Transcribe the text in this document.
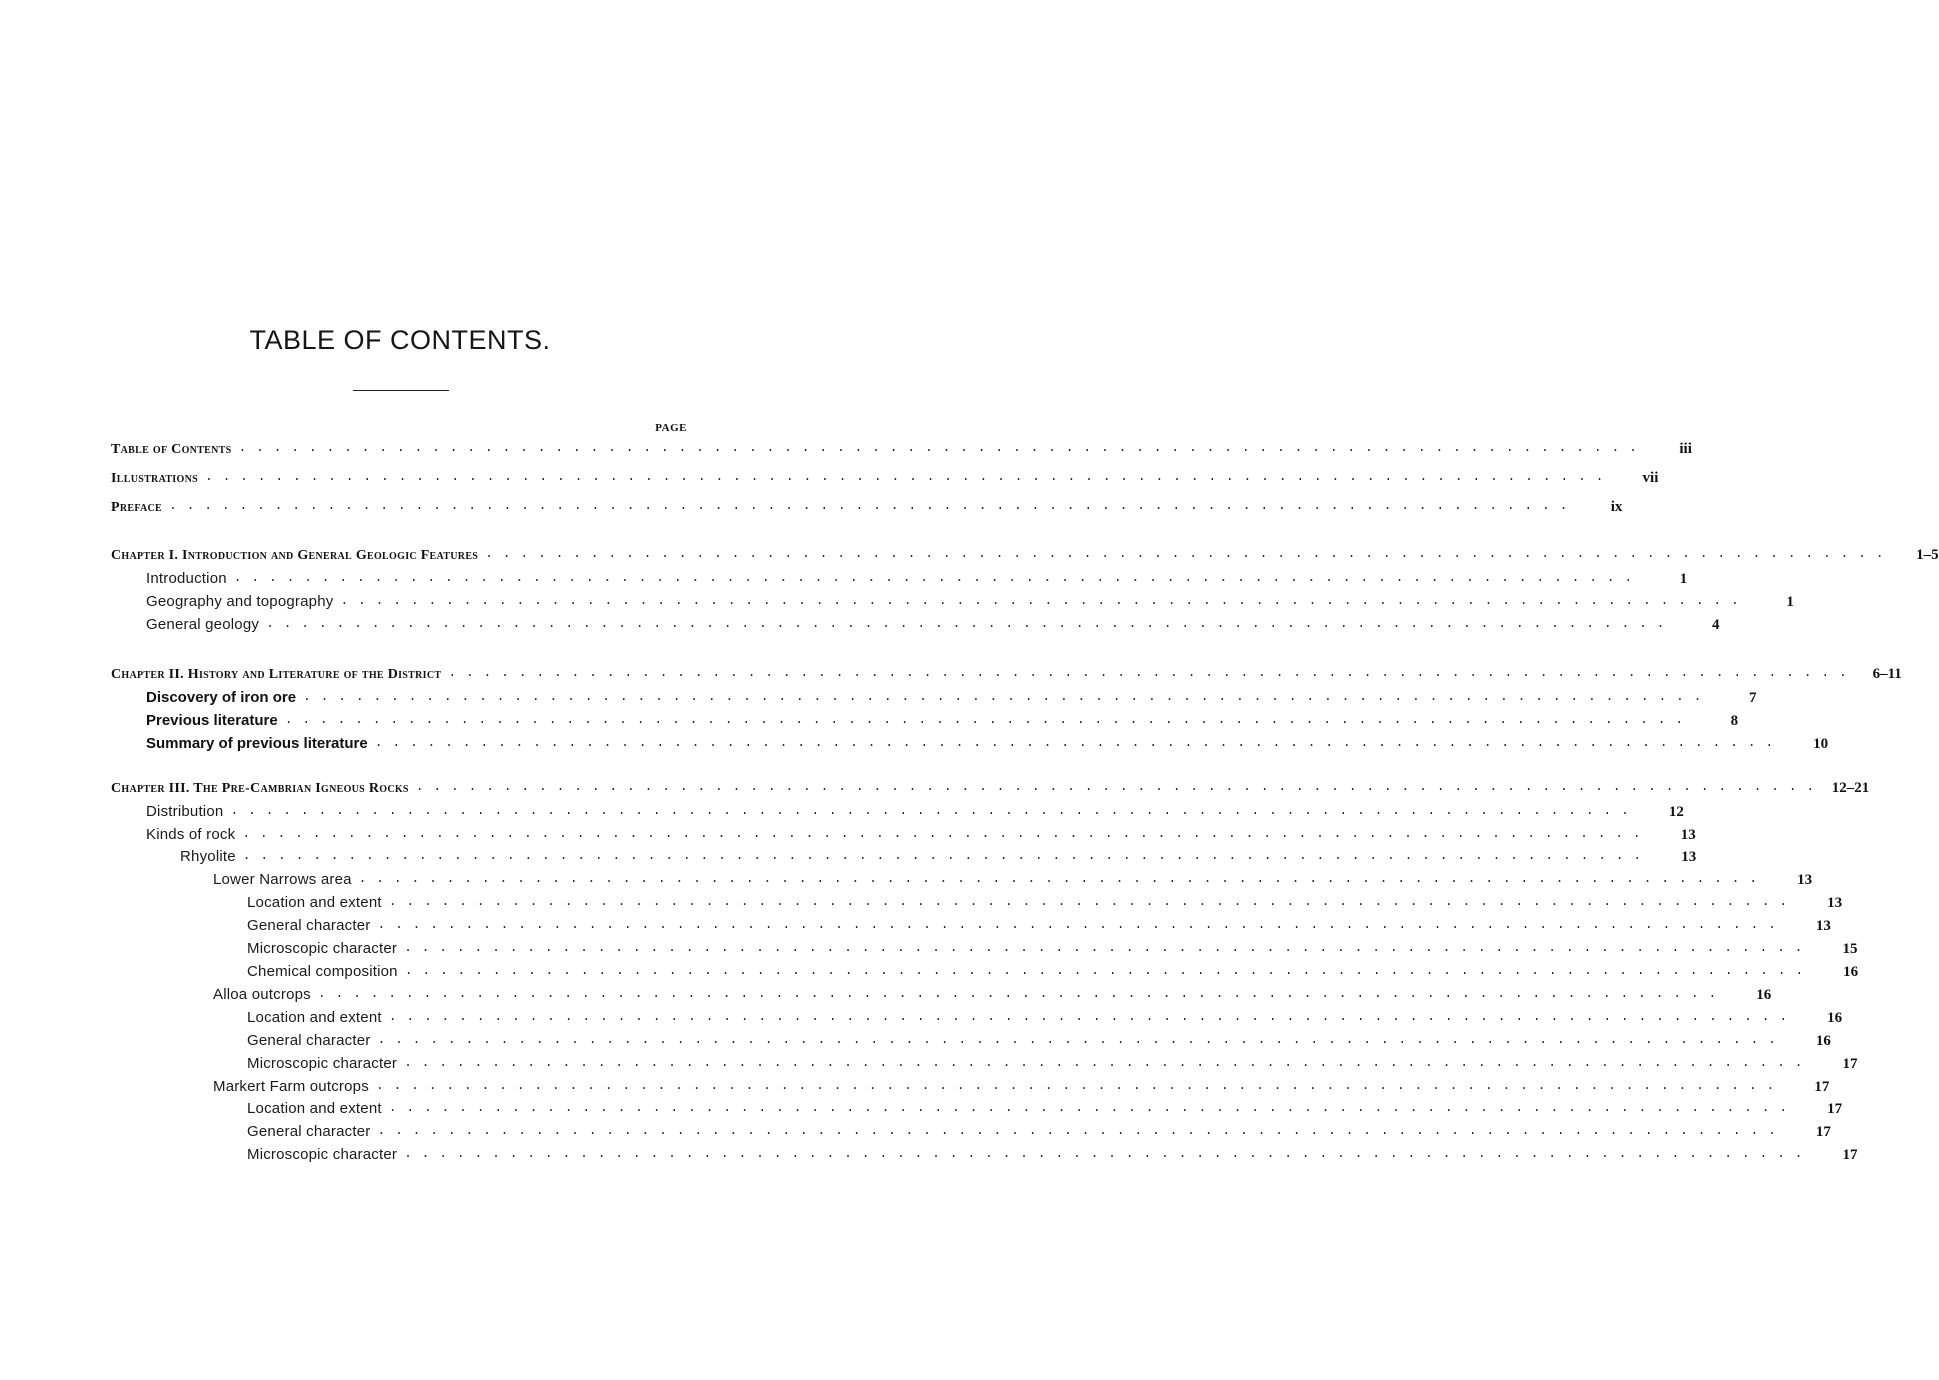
TABLE OF CONTENTS.
PAGE
Table of Contents . . . . . . . . . . . . . . . . . . . . . . . . . . . . . . . . . . . . . . . . . . . . . . . . . . . . . . . . . . . . . . . . . . . . . . . . . . . . . . . .	iii
Illustrations . . . . . . . . . . . . . . . . . . . . . . . . . . . . . . . . . . . . . . . . . . . . . . . . . . . . . . . . . . . . . . . . . . . . . . . . . . . . . . . .	vii
Preface . . . . . . . . . . . . . . . . . . . . . . . . . . . . . . . . . . . . . . . . . . . . . . . . . . . . . . . . . . . . . . . . . . . . . . . . . . . . . . . .	ix
Chapter I. Introduction and General Geologic Features . . . . . . . . . . . . . . . . . . . . . . . . . . . . . . . . . . . . . . . . . . . . . . . . . . . . . . . . . . . . . . . . . . . . . . . . . . . . . . . .	1–5
Introduction . . . . . . . . . . . . . . . . . . . . . . . . . . . . . . . . . . . . . . . . . . . . . . . . . . . . . . . . . . . . . . . . . . . . . . . . . . . . . . . .	1
Geography and topography . . . . . . . . . . . . . . . . . . . . . . . . . . . . . . . . . . . . . . . . . . . . . . . . . . . . . . . . . . . . . . . . . . . . . . . . . . . . . . . .	1
General geology . . . . . . . . . . . . . . . . . . . . . . . . . . . . . . . . . . . . . . . . . . . . . . . . . . . . . . . . . . . . . . . . . . . . . . . . . . . . . . . .	4
Chapter II. History and Literature of the District . . . . . . . . . . . . . . . . . . . . . . . . . . . . . . . . . . . . . . . . . . . . . . . . . . . . . . . . . . . . . . . . . . . . . . . . . . . . . . . .	6–11
Discovery of iron ore . . . . . . . . . . . . . . . . . . . . . . . . . . . . . . . . . . . . . . . . . . . . . . . . . . . . . . . . . . . . . . . . . . . . . . . . . . . . . . . .	7
Previous literature . . . . . . . . . . . . . . . . . . . . . . . . . . . . . . . . . . . . . . . . . . . . . . . . . . . . . . . . . . . . . . . . . . . . . . . . . . . . . . . .	8
Summary of previous literature . . . . . . . . . . . . . . . . . . . . . . . . . . . . . . . . . . . . . . . . . . . . . . . . . . . . . . . . . . . . . . . . . . . . . . . . . . . . . . . .	10
Chapter III. The Pre-Cambrian Igneous Rocks . . . . . . . . . . . . . . . . . . . . . . . . . . . . . . . . . . . . . . . . . . . . . . . . . . . . . . . . . . . . . . . . . . . . . . . . . . . . . . . .	12–21
Distribution . . . . . . . . . . . . . . . . . . . . . . . . . . . . . . . . . . . . . . . . . . . . . . . . . . . . . . . . . . . . . . . . . . . . . . . . . . . . . . . .	12
Kinds of rock . . . . . . . . . . . . . . . . . . . . . . . . . . . . . . . . . . . . . . . . . . . . . . . . . . . . . . . . . . . . . . . . . . . . . . . . . . . . . . . .	13
Rhyolite . . . . . . . . . . . . . . . . . . . . . . . . . . . . . . . . . . . . . . . . . . . . . . . . . . . . . . . . . . . . . . . . . . . . . . . . . . . . . . . .	13
Lower Narrows area . . . . . . . . . . . . . . . . . . . . . . . . . . . . . . . . . . . . . . . . . . . . . . . . . . . . . . . . . . . . . . . . . . . . . . . . . . . . . . . .	13
Location and extent . . . . . . . . . . . . . . . . . . . . . . . . . . . . . . . . . . . . . . . . . . . . . . . . . . . . . . . . . . . . . . . . . . . . . . . . . . . . . . . .	13
General character . . . . . . . . . . . . . . . . . . . . . . . . . . . . . . . . . . . . . . . . . . . . . . . . . . . . . . . . . . . . . . . . . . . . . . . . . . . . . . . .	13
Microscopic character . . . . . . . . . . . . . . . . . . . . . . . . . . . . . . . . . . . . . . . . . . . . . . . . . . . . . . . . . . . . . . . . . . . . . . . . . . . . . . . .	15
Chemical composition . . . . . . . . . . . . . . . . . . . . . . . . . . . . . . . . . . . . . . . . . . . . . . . . . . . . . . . . . . . . . . . . . . . . . . . . . . . . . . . .	16
Alloa outcrops . . . . . . . . . . . . . . . . . . . . . . . . . . . . . . . . . . . . . . . . . . . . . . . . . . . . . . . . . . . . . . . . . . . . . . . . . . . . . . . .	16
Location and extent . . . . . . . . . . . . . . . . . . . . . . . . . . . . . . . . . . . . . . . . . . . . . . . . . . . . . . . . . . . . . . . . . . . . . . . . . . . . . . . .	16
General character . . . . . . . . . . . . . . . . . . . . . . . . . . . . . . . . . . . . . . . . . . . . . . . . . . . . . . . . . . . . . . . . . . . . . . . . . . . . . . . .	16
Microscopic character . . . . . . . . . . . . . . . . . . . . . . . . . . . . . . . . . . . . . . . . . . . . . . . . . . . . . . . . . . . . . . . . . . . . . . . . . . . . . . . .	17
Markert Farm outcrops . . . . . . . . . . . . . . . . . . . . . . . . . . . . . . . . . . . . . . . . . . . . . . . . . . . . . . . . . . . . . . . . . . . . . . . . . . . . . . . .	17
Location and extent . . . . . . . . . . . . . . . . . . . . . . . . . . . . . . . . . . . . . . . . . . . . . . . . . . . . . . . . . . . . . . . . . . . . . . . . . . . . . . . .	17
General character . . . . . . . . . . . . . . . . . . . . . . . . . . . . . . . . . . . . . . . . . . . . . . . . . . . . . . . . . . . . . . . . . . . . . . . . . . . . . . . .	17
Microscopic character . . . . . . . . . . . . . . . . . . . . . . . . . . . . . . . . . . . . . . . . . . . . . . . . . . . . . . . . . . . . . . . . . . . . . . . . . . . . . . . .	17
